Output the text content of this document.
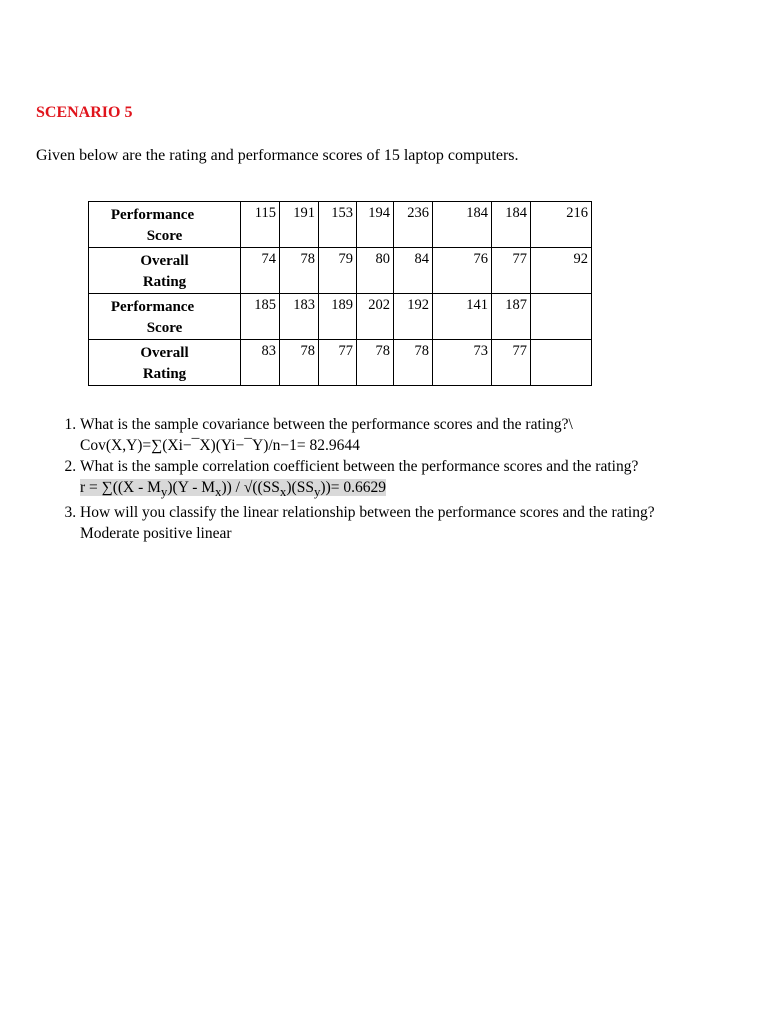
SCENARIO 5
Given below are the rating and performance scores of 15 laptop computers.
Performance
Score	115	191	153	194	236	184	184	216

Overall
Rating	74	78	79	80	84	76	77	92

Performance
Score	185	183	189	202	192	141	187	

Overall
Rating	83	78	77	78	78	73	77	
1. What is the sample covariance between the performance scores and the rating?\
Cov(X,Y)=∑(Xi−¯X)(Yi−¯Y)/n−1= 82.9644
2. What is the sample correlation coefficient between the performance scores and the rating?
$r = \sum((X - M_y)(Y - M_x)) / √((SS_x)(SS_y))= 0.6629$
3. How will you classify the linear relationship between the performance scores and the rating? Moderate positive linear
